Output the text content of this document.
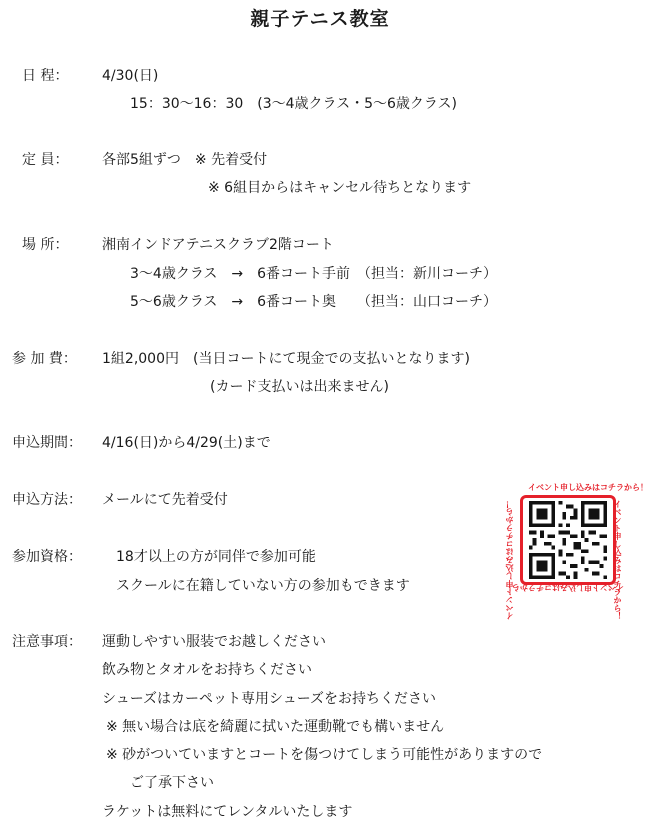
親子テニス教室
日 程： 4/30(日)
15：30〜16：30　(3〜4歳クラス・5〜6歳クラス)
定 員： 各部5組ずつ　※ 先着受付
※ 6組目からはキャンセル待ちとなります
場 所： 湘南インドアテニスクラブ2階コート
3〜4歳クラス　→　6番コート手前　（担当：新川コーチ）
5〜6歳クラス　→　6番コート奥　　（担当：山口コーチ）
参 加 費： 1組2,000円　(当日コートにて現金での支払いとなります)
(カード支払いは出来ません)
申込期間： 4/16(日)から4/29(土)まで
申込方法： メールにて先着受付
参加資格： 18才以上の方が同伴で参加可能
スクールに在籍していない方の参加もできます
注意事項： 運動しやすい服装でお越しください
飲み物とタオルをお持ちください
シューズはカーペット専用シューズをお持ちください
※ 無い場合は底を綺麗に拭いた運動靴でも構いません
※ 砂がついていますとコートを傷つけてしまう可能性がありますので
ご了承下さい
ラケットは無料にてレンタルいたします
イベント申し込みはコチラから！
イベント申し込みはコチラから！
イベント申し込みはコチラから！
イベント申し込みはコチラから！
